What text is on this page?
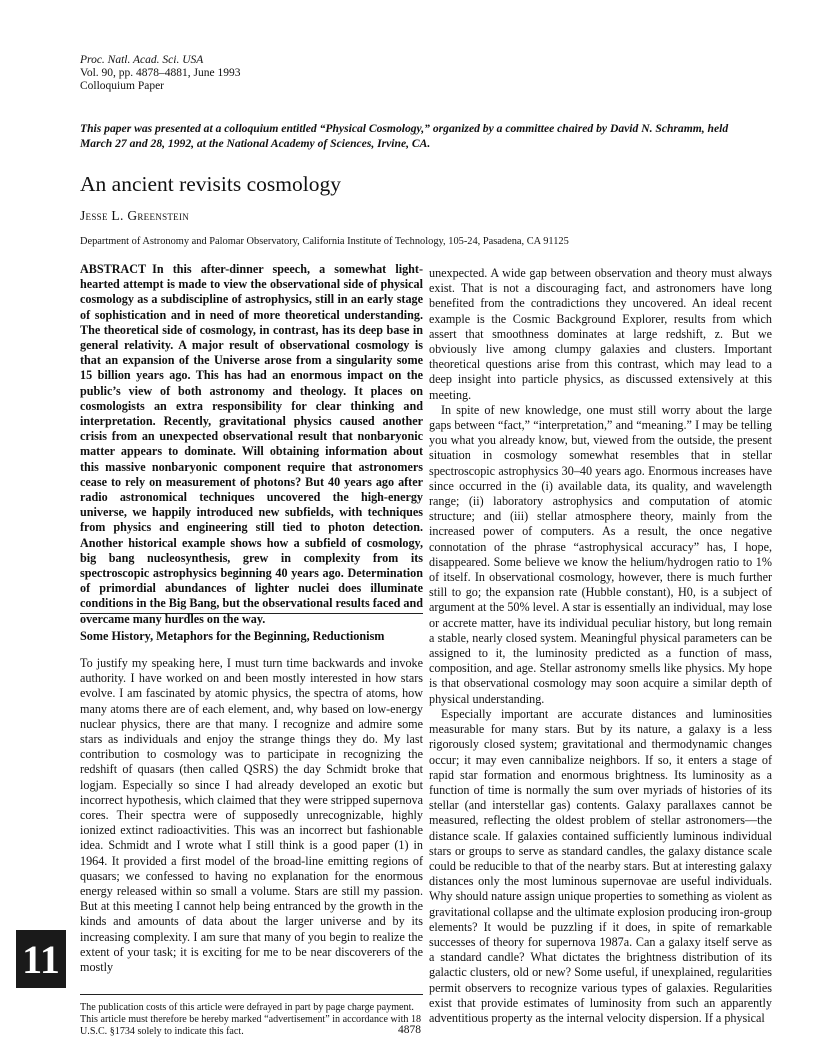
Proc. Natl. Acad. Sci. USA
Vol. 90, pp. 4878–4881, June 1993
Colloquium Paper
This paper was presented at a colloquium entitled “Physical Cosmology,” organized by a committee chaired by David N. Schramm, held March 27 and 28, 1992, at the National Academy of Sciences, Irvine, CA.
An ancient revisits cosmology
Jesse L. Greenstein
Department of Astronomy and Palomar Observatory, California Institute of Technology, 105-24, Pasadena, CA 91125

ABSTRACT In this after-dinner speech, a somewhat light-hearted attempt is made to view the observational side of physical cosmology as a subdiscipline of astrophysics, still in an early stage of sophistication and in need of more theoretical understanding. The theoretical side of cosmology, in contrast, has its deep base in general relativity. A major result of observational cosmology is that an expansion of the Universe arose from a singularity some 15 billion years ago. This has had an enormous impact on the public’s view of both astronomy and theology. It places on cosmologists an extra responsibility for clear thinking and interpretation. Recently, gravitational physics caused another crisis from an unexpected observational result that nonbaryonic matter appears to dominate. Will obtaining information about this massive nonbaryonic component require that astronomers cease to rely on measurement of photons? But 40 years ago after radio astronomical techniques uncovered the high-energy universe, we happily introduced new subfields, with techniques from physics and engineering still tied to photon detection. Another historical example shows how a subfield of cosmology, big bang nucleosynthesis, grew in complexity from its spectroscopic astrophysics beginning 40 years ago. Determination of primordial abundances of lighter nuclei does illuminate conditions in the Big Bang, but the observational results faced and overcame many hurdles on the way.

Some History, Metaphors for the Beginning, Reductionism

To justify my speaking here, I must turn time backwards and invoke authority. I have worked on and been mostly interested in how stars evolve. I am fascinated by atomic physics, the spectra of atoms, how many atoms there are of each element, and, why based on low-energy nuclear physics, there are that many. I recognize and admire some stars as individuals and enjoy the strange things they do. My last contribution to cosmology was to participate in recognizing the redshift of quasars (then called QSRS) the day Schmidt broke that logjam. Especially so since I had already developed an exotic but incorrect hypothesis, which claimed that they were stripped supernova cores. Their spectra were of supposedly unrecognizable, highly ionized extinct radioactivities. This was an incorrect but fashionable idea. Schmidt and I wrote what I still think is a good paper (1) in 1964. It provided a first model of the broad-line emitting regions of quasars; we confessed to having no explanation for the enormous energy released within so small a volume. Stars are still my passion. But at this meeting I cannot help being entranced by the growth in the kinds and amounts of data about the larger universe and by its increasing complexity. I am sure that many of you begin to realize the extent of your task; it is exciting for me to be near discoverers of the mostly

unexpected. A wide gap between observation and theory must always exist. That is not a discouraging fact, and astronomers have long benefited from the contradictions they uncovered. An ideal recent example is the Cosmic Background Explorer, results from which assert that smoothness dominates at large redshift, z. But we obviously live among clumpy galaxies and clusters. Important theoretical questions arise from this contrast, which may lead to a deep insight into particle physics, as discussed extensively at this meeting.

In spite of new knowledge, one must still worry about the large gaps between “fact,” “interpretation,” and “meaning.” I may be telling you what you already know, but, viewed from the outside, the present situation in cosmology somewhat resembles that in stellar spectroscopic astrophysics 30–40 years ago. Enormous increases have since occurred in the (i) available data, its quality, and wavelength range; (ii) laboratory astrophysics and computation of atomic structure; and (iii) stellar atmosphere theory, mainly from the increased power of computers. As a result, the once negative connotation of the phrase “astrophysical accuracy” has, I hope, disappeared. Some believe we know the helium/hydrogen ratio to 1% of itself. In observational cosmology, however, there is much further still to go; the expansion rate (Hubble constant), H0, is a subject of argument at the 50% level. A star is essentially an individual, may lose or accrete matter, have its individual peculiar history, but long remain a stable, nearly closed system. Meaningful physical parameters can be assigned to it, the luminosity predicted as a function of mass, composition, and age. Stellar astronomy smells like physics. My hope is that observational cosmology may soon acquire a similar depth of physical understanding.

Especially important are accurate distances and luminosities measurable for many stars. But by its nature, a galaxy is a less rigorously closed system; gravitational and thermodynamic changes occur; it may even cannibalize neighbors. If so, it enters a stage of rapid star formation and enormous brightness. Its luminosity as a function of time is normally the sum over myriads of histories of its stellar (and interstellar gas) contents. Galaxy parallaxes cannot be measured, reflecting the oldest problem of stellar astronomers—the distance scale. If galaxies contained sufficiently luminous individual stars or groups to serve as standard candles, the galaxy distance scale could be reducible to that of the nearby stars. But at interesting galaxy distances only the most luminous supernovae are useful individuals. Why should nature assign unique properties to something as violent as gravitational collapse and the ultimate explosion producing iron-group elements? It would be puzzling if it does, in spite of remarkable successes of theory for supernova 1987a. Can a galaxy itself serve as a standard candle? What dictates the brightness distribution of its galactic clusters, old or new? Some useful, if unexplained, regularities permit observers to recognize various types of galaxies. Regularities exist that provide estimates of luminosity from such an apparently adventitious property as the internal velocity dispersion. If a physical

11
The publication costs of this article were defrayed in part by page charge payment. This article must therefore be hereby marked “advertisement” in accordance with 18 U.S.C. §1734 solely to indicate this fact.	4878
